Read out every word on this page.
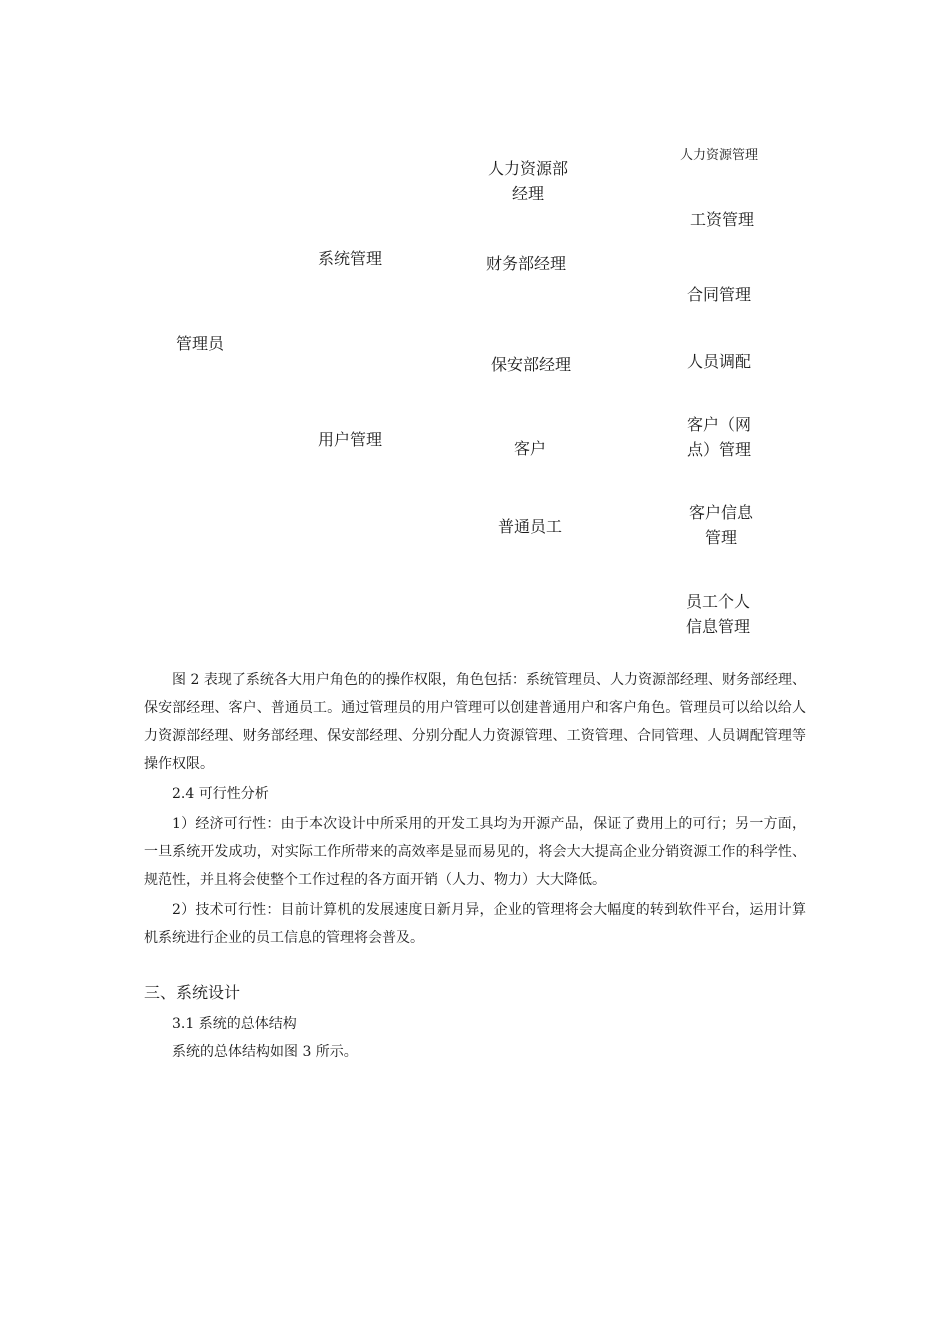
管理员
系统管理
用户管理
人力资源部
经理
财务部经理
保安部经理
客户
普通员工
人力资源管理
工资管理
合同管理
人员调配
客户（网
点）管理
客户信息
管理
员工个人
信息管理

图 2 表现了系统各大用户角色的的操作权限，角色包括：系统管理员、人力资源部经理、财务部经理、保安部经理、客户、普通员工。通过管理员的用户管理可以创建普通用户和客户角色。管理员可以给以给人力资源部经理、财务部经理、保安部经理、分别分配人力资源管理、工资管理、合同管理、人员调配管理等操作权限。

2.4 可行性分析

1）经济可行性：由于本次设计中所采用的开发工具均为开源产品，保证了费用上的可行；另一方面，一旦系统开发成功，对实际工作所带来的高效率是显而易见的，将会大大提高企业分销资源工作的科学性、规范性，并且将会使整个工作过程的各方面开销（人力、物力）大大降低。

2）技术可行性：目前计算机的发展速度日新月异，企业的管理将会大幅度的转到软件平台，运用计算机系统进行企业的员工信息的管理将会普及。

三、系统设计
3.1 系统的总体结构
系统的总体结构如图 3 所示。
